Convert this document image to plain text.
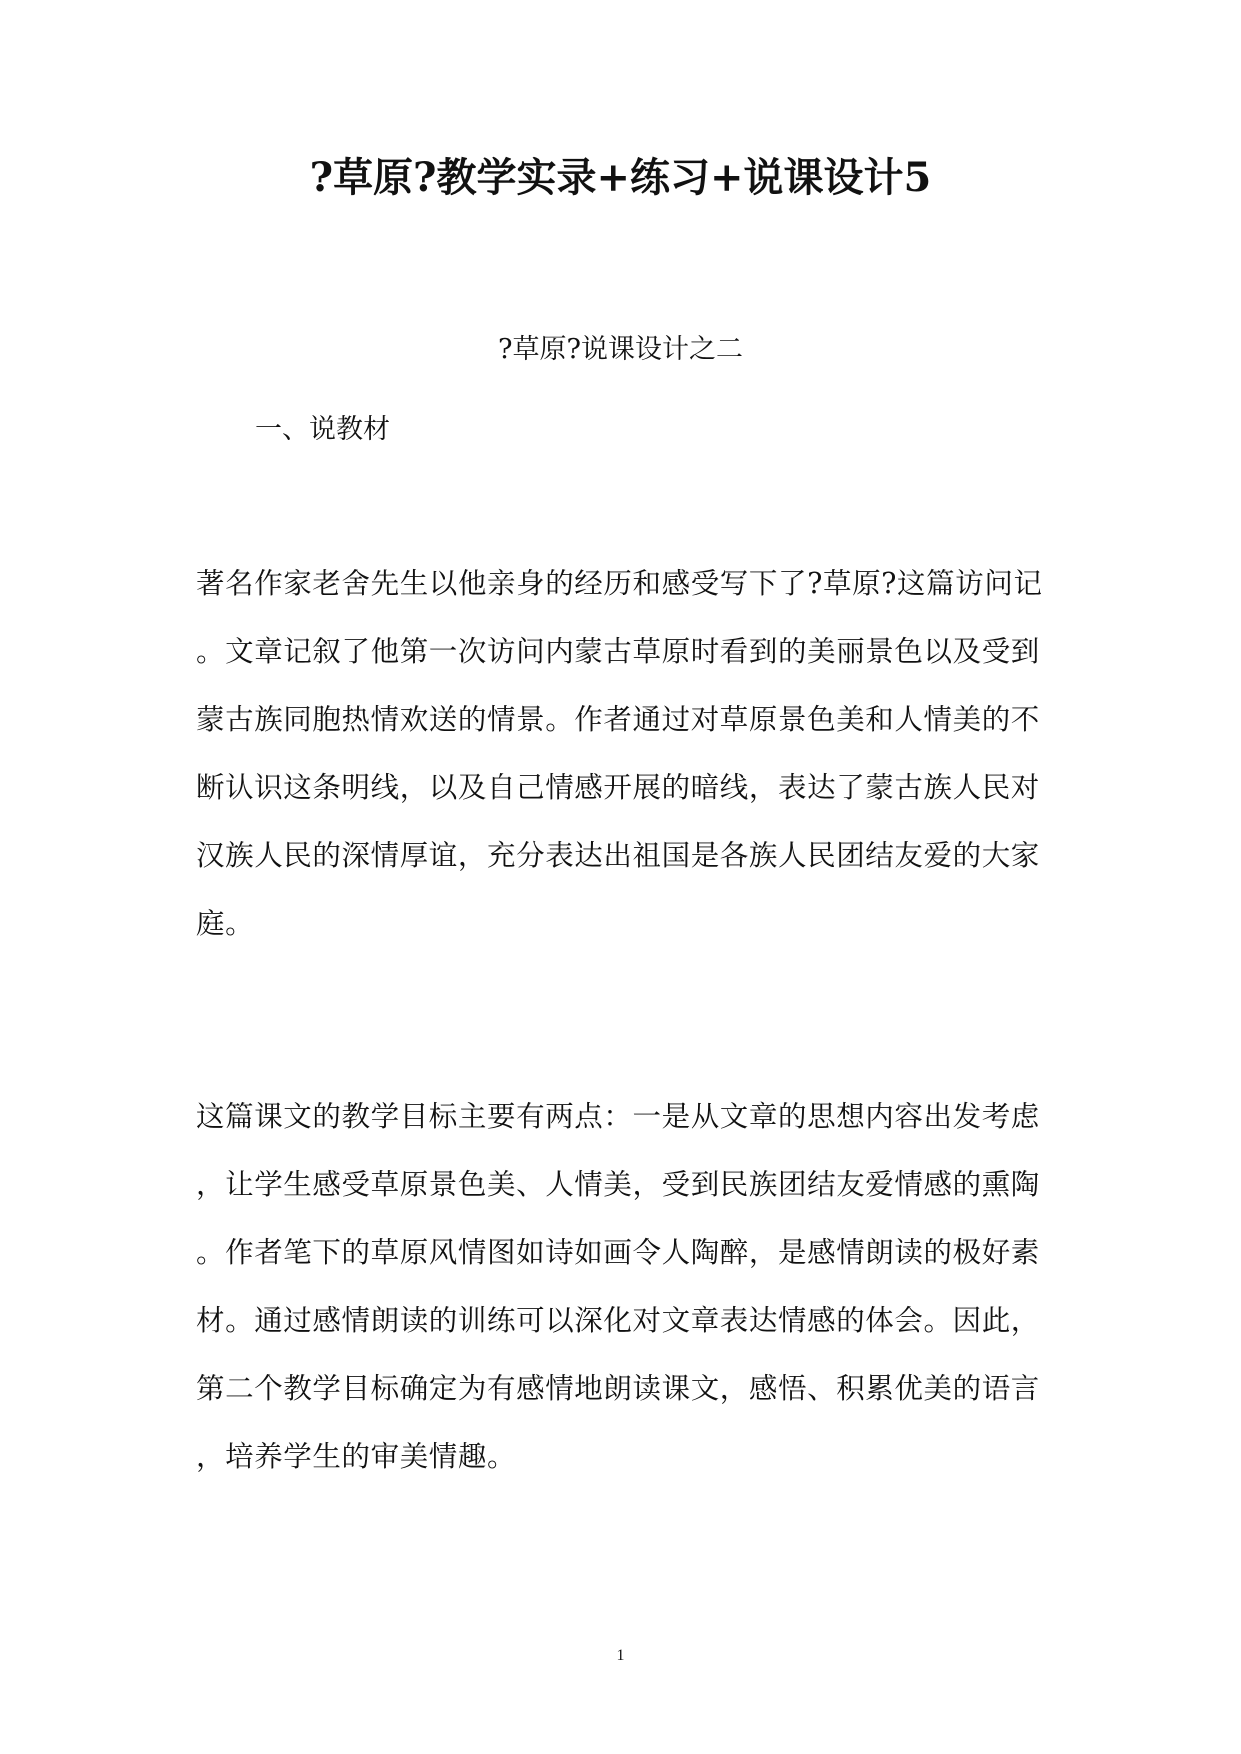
?草原?教学实录+练习+说课设计5
?草原?说课设计之二
一、说教材

著名作家老舍先生以他亲身的经历和感受写下了?草原?这篇访问记
。文章记叙了他第一次访问内蒙古草原时看到的美丽景色以及受到
蒙古族同胞热情欢送的情景。作者通过对草原景色美和人情美的不
断认识这条明线，以及自己情感开展的暗线，表达了蒙古族人民对
汉族人民的深情厚谊，充分表达出祖国是各族人民团结友爱的大家
庭。

这篇课文的教学目标主要有两点：一是从文章的思想内容出发考虑
，让学生感受草原景色美、人情美，受到民族团结友爱情感的熏陶
。作者笔下的草原风情图如诗如画令人陶醉，是感情朗读的极好素
材。通过感情朗读的训练可以深化对文章表达情感的体会。因此，
第二个教学目标确定为有感情地朗读课文，感悟、积累优美的语言
，培养学生的审美情趣。

1
